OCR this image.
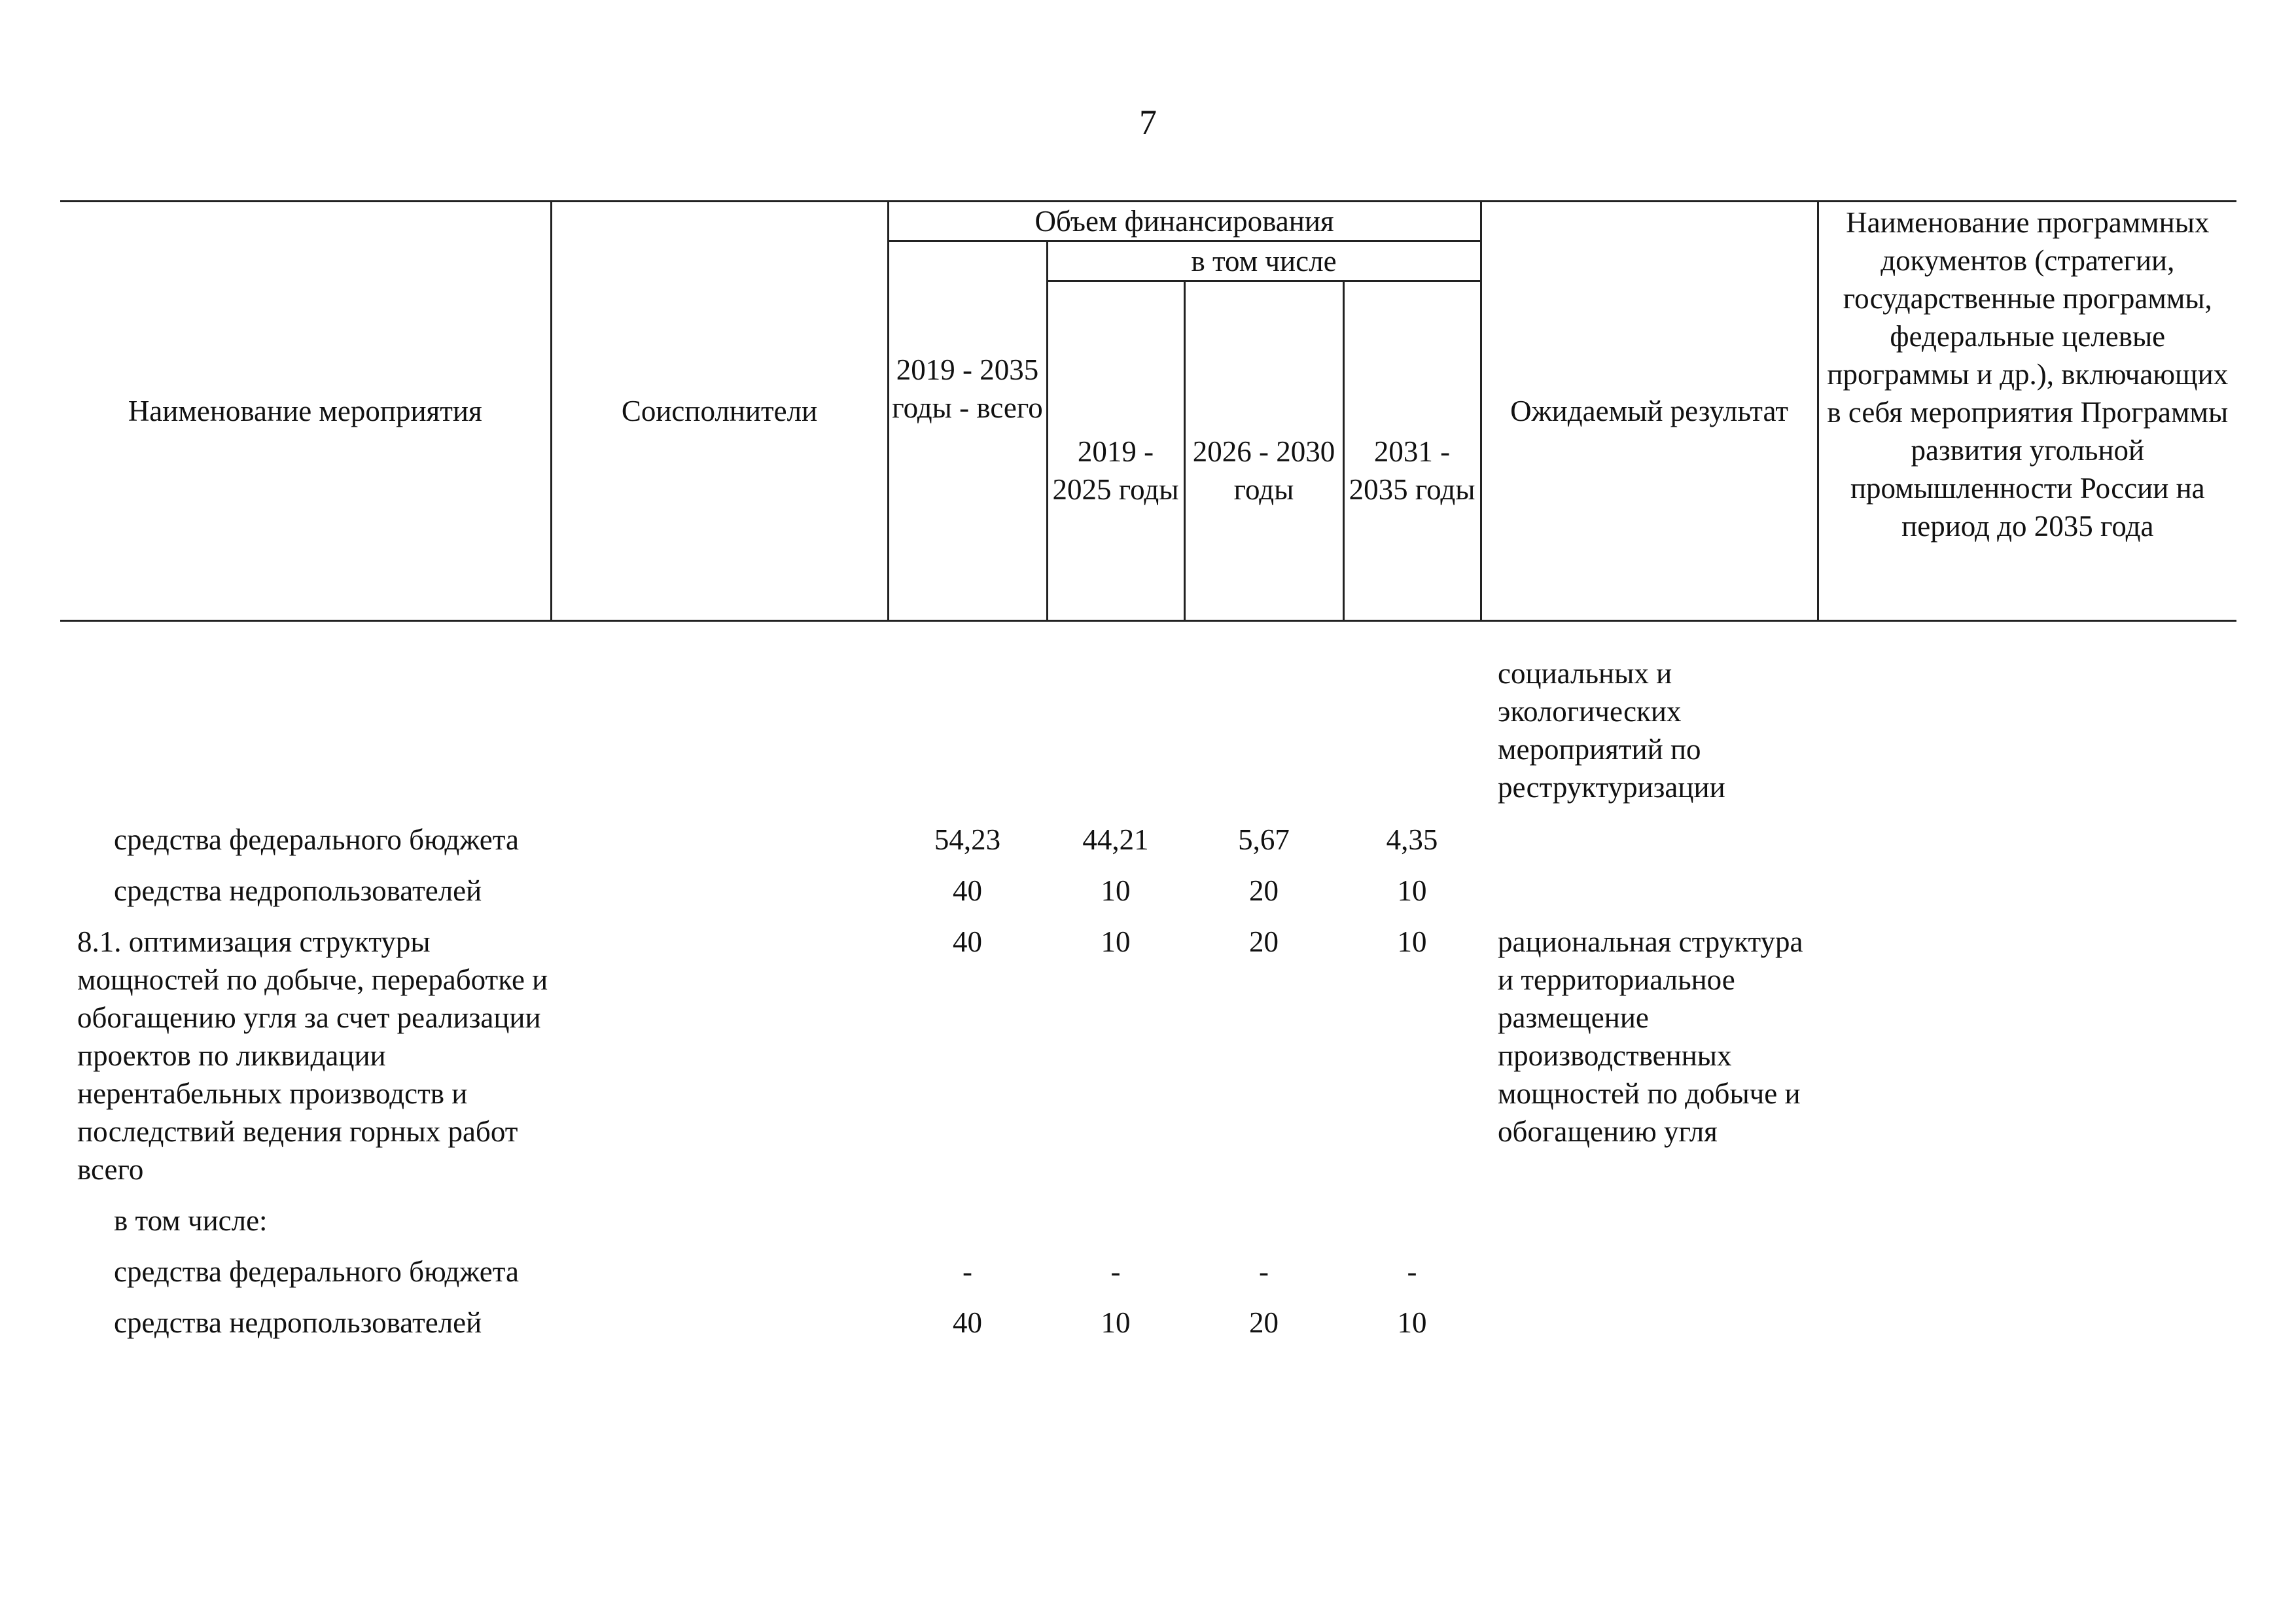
7
Наименование мероприятия	Соисполнители	Объем финансирования				Ожидаемый результат	Наименование программных документов (стратегии, государственные программы, федеральные целевые программы и др.), включающих в себя мероприятия Программы развития угольной промышленности России на период до 2035 года
		2019 - 2035 годы - всего	в том числе				
			2019 - 2025 годы	2026 - 2030 годы	2031 - 2035 годы		
						социальных и экологических мероприятий по реструктуризации	
средства федерального бюджета		54,23	44,21	5,67	4,35		
средства недропользователей		40	10	20	10		

8.1. оптимизация структуры мощностей по добыче, переработке и обогащению угля за счет реализации проектов по ликвидации нерентабельных производств и последствий ведения горных работ
всего		40	10	20	10	рациональная структура и территориальное размещение производственных мощностей по добыче и обогащению угля	
в том числе:							
средства федерального бюджета		-	-	-	-		
средства недропользователей		40	10	20	10		
